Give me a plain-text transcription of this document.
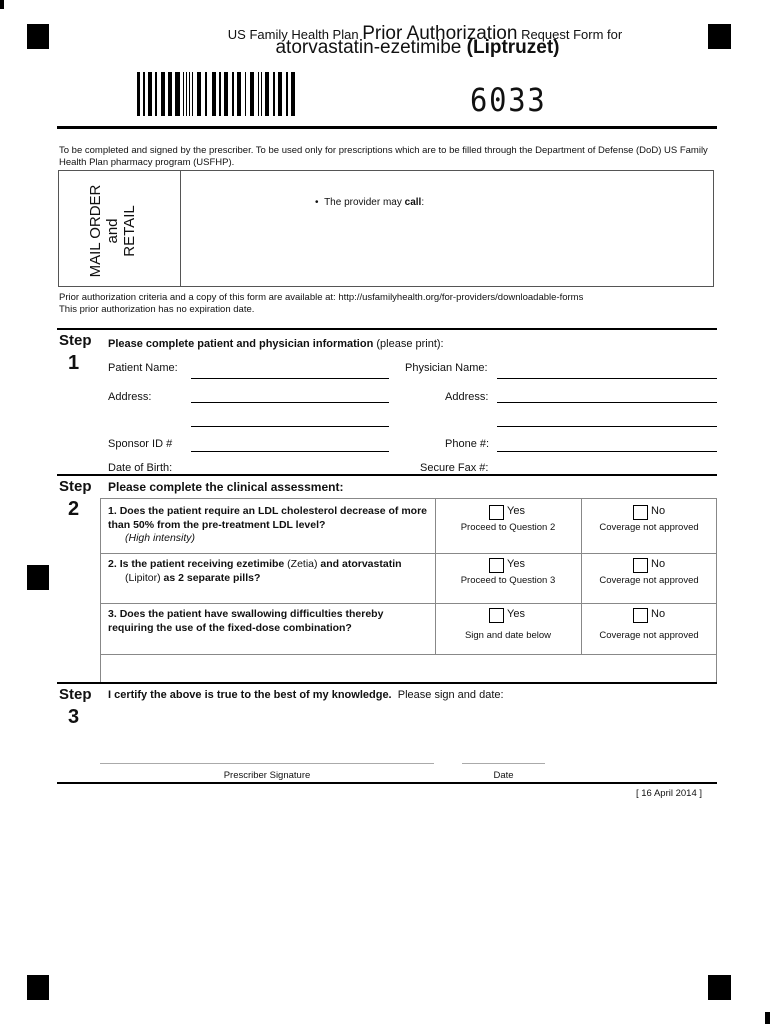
US Family Health Plan Prior Authorization Request Form for
atorvastatin-ezetimibe (Liptruzet)
6033
To be completed and signed by the prescriber. To be used only for prescriptions which are to be filled through the Department of Defense (DoD) US Family Health Plan pharmacy program (USFHP).
MAIL ORDER and RETAIL
•  The provider may call:
Prior authorization criteria and a copy of this form are available at: http://usfamilyhealth.org/for-providers/downloadable-forms
This prior authorization has no expiration date.
Step
1
Please complete patient and physician information (please print):
Patient Name:	Physician Name:
Address:	Address:
Sponsor ID #	Phone #:
Date of Birth:	Secure Fax #:
Step
2
Please complete the clinical assessment:
1. Does the patient require an LDL cholesterol decrease of more than 50% from the pre-treatment LDL level?
(High intensity)
Yes
Proceed to Question 2
No
Coverage not approved
2. Is the patient receiving ezetimibe (Zetia) and atorvastatin
(Lipitor) as 2 separate pills?
Yes
Proceed to Question 3
No
Coverage not approved
3. Does the patient have swallowing difficulties thereby requiring the use of the fixed-dose combination?
Yes
Sign and date below
No
Coverage not approved
Step
3
I certify the above is true to the best of my knowledge. Please sign and date:
Prescriber Signature	Date
[ 16 April 2014 ]
